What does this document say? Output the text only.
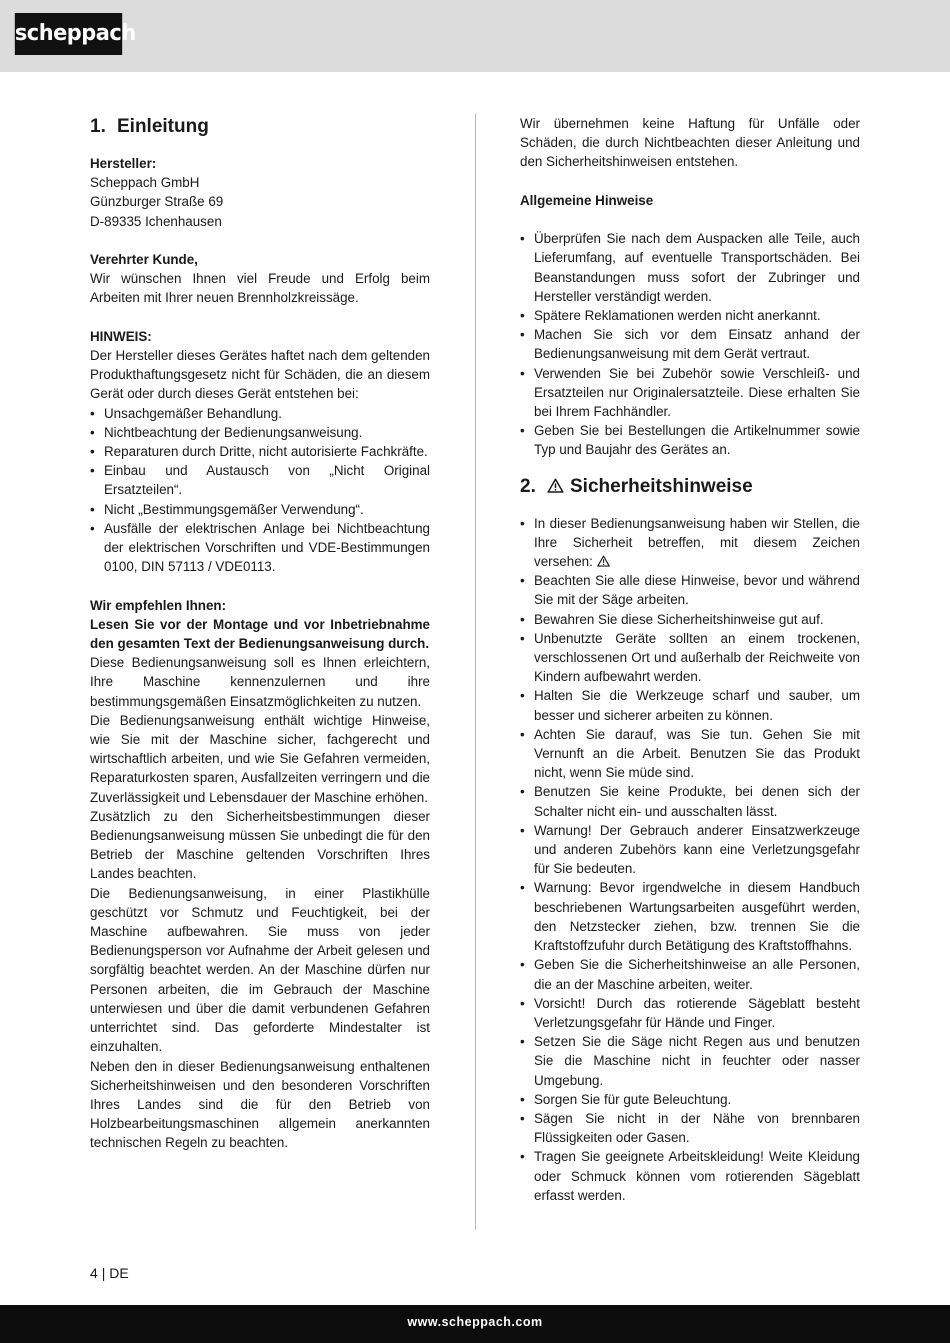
scheppach
1. Einleitung

Hersteller:

Scheppach GmbH

Günzburger Straße 69

D-89335 Ichenhausen

Verehrter Kunde,

Wir wünschen Ihnen viel Freude und Erfolg beim Arbeiten mit Ihrer neuen Brennholzkreissäge.

HINWEIS:

Der Hersteller dieses Gerätes haftet nach dem geltenden Produkthaftungsgesetz nicht für Schäden, die an diesem Gerät oder durch dieses Gerät entstehen bei:

• Unsachgemäßer Behandlung.
• Nichtbeachtung der Bedienungsanweisung.
• Reparaturen durch Dritte, nicht autorisierte Fachkräfte.
• Einbau und Austausch von „Nicht Original Ersatzteilen“.
• Nicht „Bestimmungsgemäßer Verwendung“.
• Ausfälle der elektrischen Anlage bei Nichtbeachtung der elektrischen Vorschriften und VDE-Bestimmungen 0100, DIN 57113 / VDE0113.

Wir empfehlen Ihnen:

Lesen Sie vor der Montage und vor Inbetriebnahme den gesamten Text der Bedienungsanweisung durch.

Diese Bedienungsanweisung soll es Ihnen erleichtern, Ihre Maschine kennenzulernen und ihre bestimmungsgemäßen Einsatzmöglichkeiten zu nutzen.

Die Bedienungsanweisung enthält wichtige Hinweise, wie Sie mit der Maschine sicher, fachgerecht und wirtschaftlich arbeiten, und wie Sie Gefahren vermeiden, Reparaturkosten sparen, Ausfallzeiten verringern und die Zuverlässigkeit und Lebensdauer der Maschine erhöhen.

Zusätzlich zu den Sicherheitsbestimmungen dieser Bedienungsanweisung müssen Sie unbedingt die für den Betrieb der Maschine geltenden Vorschriften Ihres Landes beachten.

Die Bedienungsanweisung, in einer Plastikhülle geschützt vor Schmutz und Feuchtigkeit, bei der Maschine aufbewahren. Sie muss von jeder Bedienungsperson vor Aufnahme der Arbeit gelesen und sorgfältig beachtet werden. An der Maschine dürfen nur Personen arbeiten, die im Gebrauch der Maschine unterwiesen und über die damit verbundenen Gefahren unterrichtet sind. Das geforderte Mindestalter ist einzuhalten.

Neben den in dieser Bedienungsanweisung enthaltenen Sicherheitshinweisen und den besonderen Vorschriften Ihres Landes sind die für den Betrieb von Holzbearbeitungsmaschinen allgemein anerkannten technischen Regeln zu beachten.

Wir übernehmen keine Haftung für Unfälle oder Schäden, die durch Nichtbeachten dieser Anleitung und den Sicherheitshinweisen entstehen.

Allgemeine Hinweise

• Überprüfen Sie nach dem Auspacken alle Teile, auch Lieferumfang, auf eventuelle Transportschäden. Bei Beanstandungen muss sofort der Zubringer und Hersteller verständigt werden.
• Spätere Reklamationen werden nicht anerkannt.
• Machen Sie sich vor dem Einsatz anhand der Bedienungsanweisung mit dem Gerät vertraut.
• Verwenden Sie bei Zubehör sowie Verschleiß- und Ersatzteilen nur Originalersatzteile. Diese erhalten Sie bei Ihrem Fachhändler.
• Geben Sie bei Bestellungen die Artikelnummer sowie Typ und Baujahr des Gerätes an.
2. Sicherheitshinweise
• In dieser Bedienungsanweisung haben wir Stellen, die Ihre Sicherheit betreffen, mit diesem Zeichen versehen:
• Beachten Sie alle diese Hinweise, bevor und während Sie mit der Säge arbeiten.
• Bewahren Sie diese Sicherheitshinweise gut auf.
• Unbenutzte Geräte sollten an einem trockenen, verschlossenen Ort und außerhalb der Reichweite von Kindern aufbewahrt werden.
• Halten Sie die Werkzeuge scharf und sauber, um besser und sicherer arbeiten zu können.
• Achten Sie darauf, was Sie tun. Gehen Sie mit Vernunft an die Arbeit. Benutzen Sie das Produkt nicht, wenn Sie müde sind.
• Benutzen Sie keine Produkte, bei denen sich der Schalter nicht ein- und ausschalten lässt.
• Warnung! Der Gebrauch anderer Einsatzwerkzeuge und anderen Zubehörs kann eine Verletzungsgefahr für Sie bedeuten.
• Warnung: Bevor irgendwelche in diesem Handbuch beschriebenen Wartungsarbeiten ausgeführt werden, den Netzstecker ziehen, bzw. trennen Sie die Kraftstoffzufuhr durch Betätigung des Kraftstoffhahns.
• Geben Sie die Sicherheitshinweise an alle Personen, die an der Maschine arbeiten, weiter.
• Vorsicht! Durch das rotierende Sägeblatt besteht Verletzungsgefahr für Hände und Finger.
• Setzen Sie die Säge nicht Regen aus und benutzen Sie die Maschine nicht in feuchter oder nasser Umgebung.
• Sorgen Sie für gute Beleuchtung.
• Sägen Sie nicht in der Nähe von brennbaren Flüssigkeiten oder Gasen.
• Tragen Sie geeignete Arbeitskleidung! Weite Kleidung oder Schmuck können vom rotierenden Sägeblatt erfasst werden.
4 | DE
www.scheppach.com
